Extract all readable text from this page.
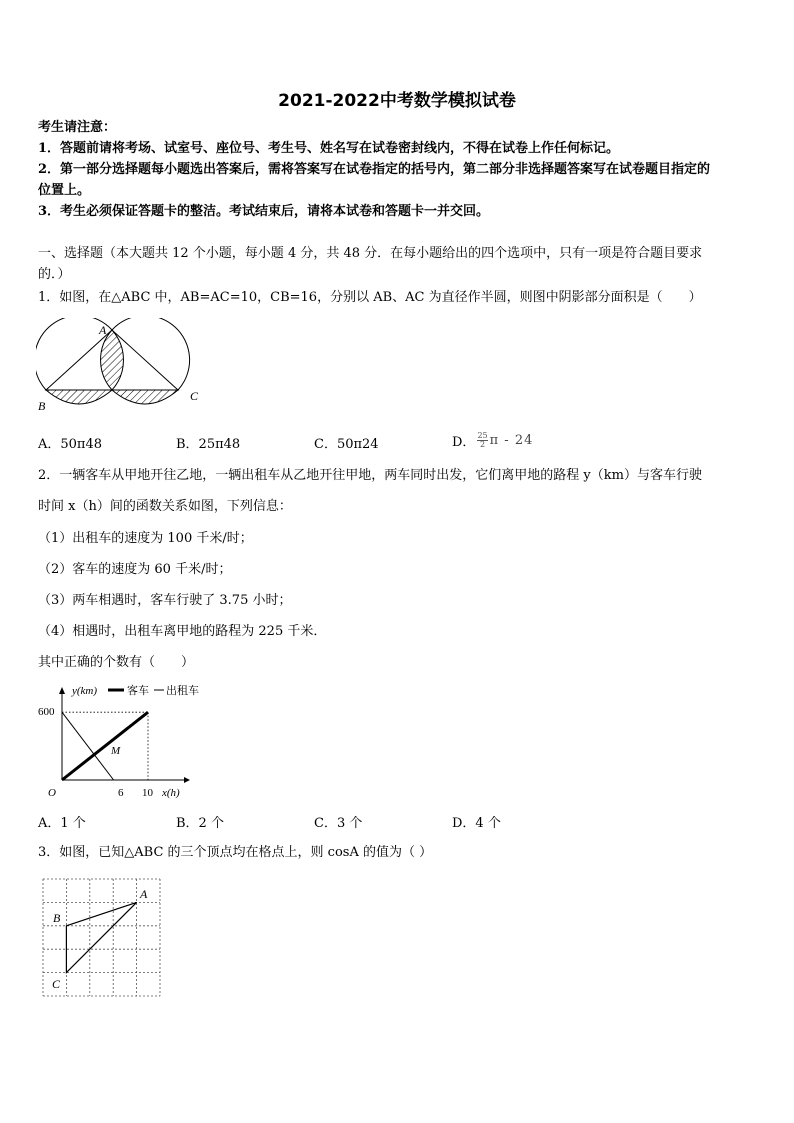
2021-2022中考数学模拟试卷
考生请注意：
1．答题前请将考场、试室号、座位号、考生号、姓名写在试卷密封线内，不得在试卷上作任何标记。
2．第一部分选择题每小题选出答案后，需将答案写在试卷指定的括号内，第二部分非选择题答案写在试卷题目指定的
位置上。
3．考生必须保证答题卡的整洁。考试结束后，请将本试卷和答题卡一并交回。
一、选择题（本大题共 12 个小题，每小题 4 分，共 48 分．在每小题给出的四个选项中，只有一项是符合题目要求
的．）
1．如图，在△ABC 中，AB=AC=10，CB=16，分别以 AB、AC 为直径作半圆，则图中阴影部分面积是（　　）
A
B
C
A．50π48	B．25π48	C．50π24	D． $\frac{25}{2}$ π - 24
2．一辆客车从甲地开往乙地，一辆出租车从乙地开往甲地，两车同时出发，它们离甲地的路程 y（km）与客车行驶
时间 x（h）间的函数关系如图，下列信息：
（1）出租车的速度为 100 千米/时；
（2）客车的速度为 60 千米/时；
（3）两车相遇时，客车行驶了 3.75 小时；
（4）相遇时，出租车离甲地的路程为 225 千米．
其中正确的个数有（　　）
y(km)	客车 出租车
600
O	6 10 x(h)
M
A．1 个	B．2 个	C．3 个	D．4 个
3．如图，已知△ABC 的三个顶点均在格点上，则 cosA 的值为（ ）
A
B
C
